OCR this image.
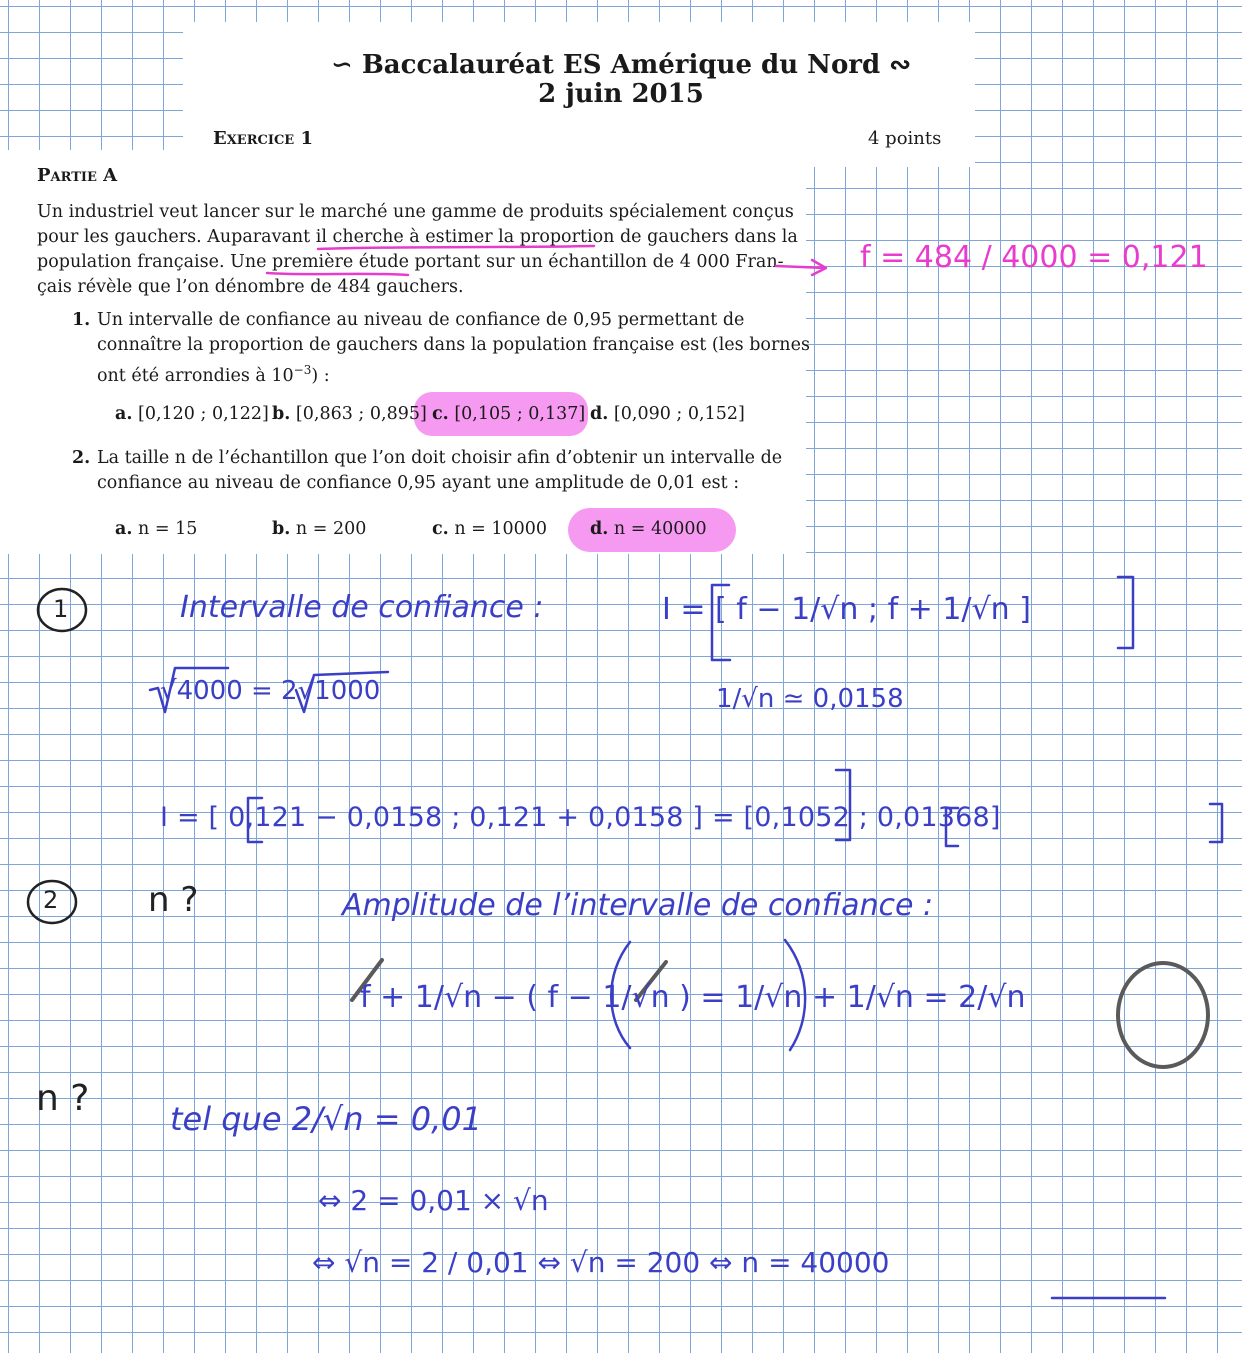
∽ Baccalauréat ES Amérique du Nord ∾
2 juin 2015
Exercice 1	4 points
Partie A
Un industriel veut lancer sur le marché une gamme de produits spécialement conçus
pour les gauchers. Auparavant il cherche à estimer la proportion de gauchers dans la
population française. Une première étude portant sur un échantillon de 4 000 Fran-
çais révèle que l’on dénombre de 484 gauchers.
1. Un intervalle de confiance au niveau de confiance de 0,95 permettant de
connaître la proportion de gauchers dans la population française est (les bornes
ont été arrondies à $10^{-3}$) :
a. [0,120 ; 0,122] b. [0,863 ; 0,895] c. [0,105 ; 0,137] d. [0,090 ; 0,152]
2. La taille n de l’échantillon que l’on doit choisir afin d’obtenir un intervalle de
confiance au niveau de confiance 0,95 ayant une amplitude de 0,01 est :
a. n = 15	b. n = 200	c. n = 10000 d. n = 40000
f = 484 / 4000 = 0,121
1	Intervalle de confiance :	I = [ f − 1/√n ; f + 1/√n ]
√4000 = 2√1000	1/√n ≃ 0,0158
I = [ 0,121 − 0,0158 ; 0,121 + 0,0158 ] = [0,1052 ; 0,01368]
2	n ?	Amplitude de l’intervalle de confiance :
f + 1/√n − ( f − 1/√n ) = 1/√n + 1/√n = 2/√n
n ?	tel que 2/√n = 0,01
⇔ 2 = 0,01 × √n
⇔ √n = 2 / 0,01 ⇔ √n = 200 ⇔ n = 40000
